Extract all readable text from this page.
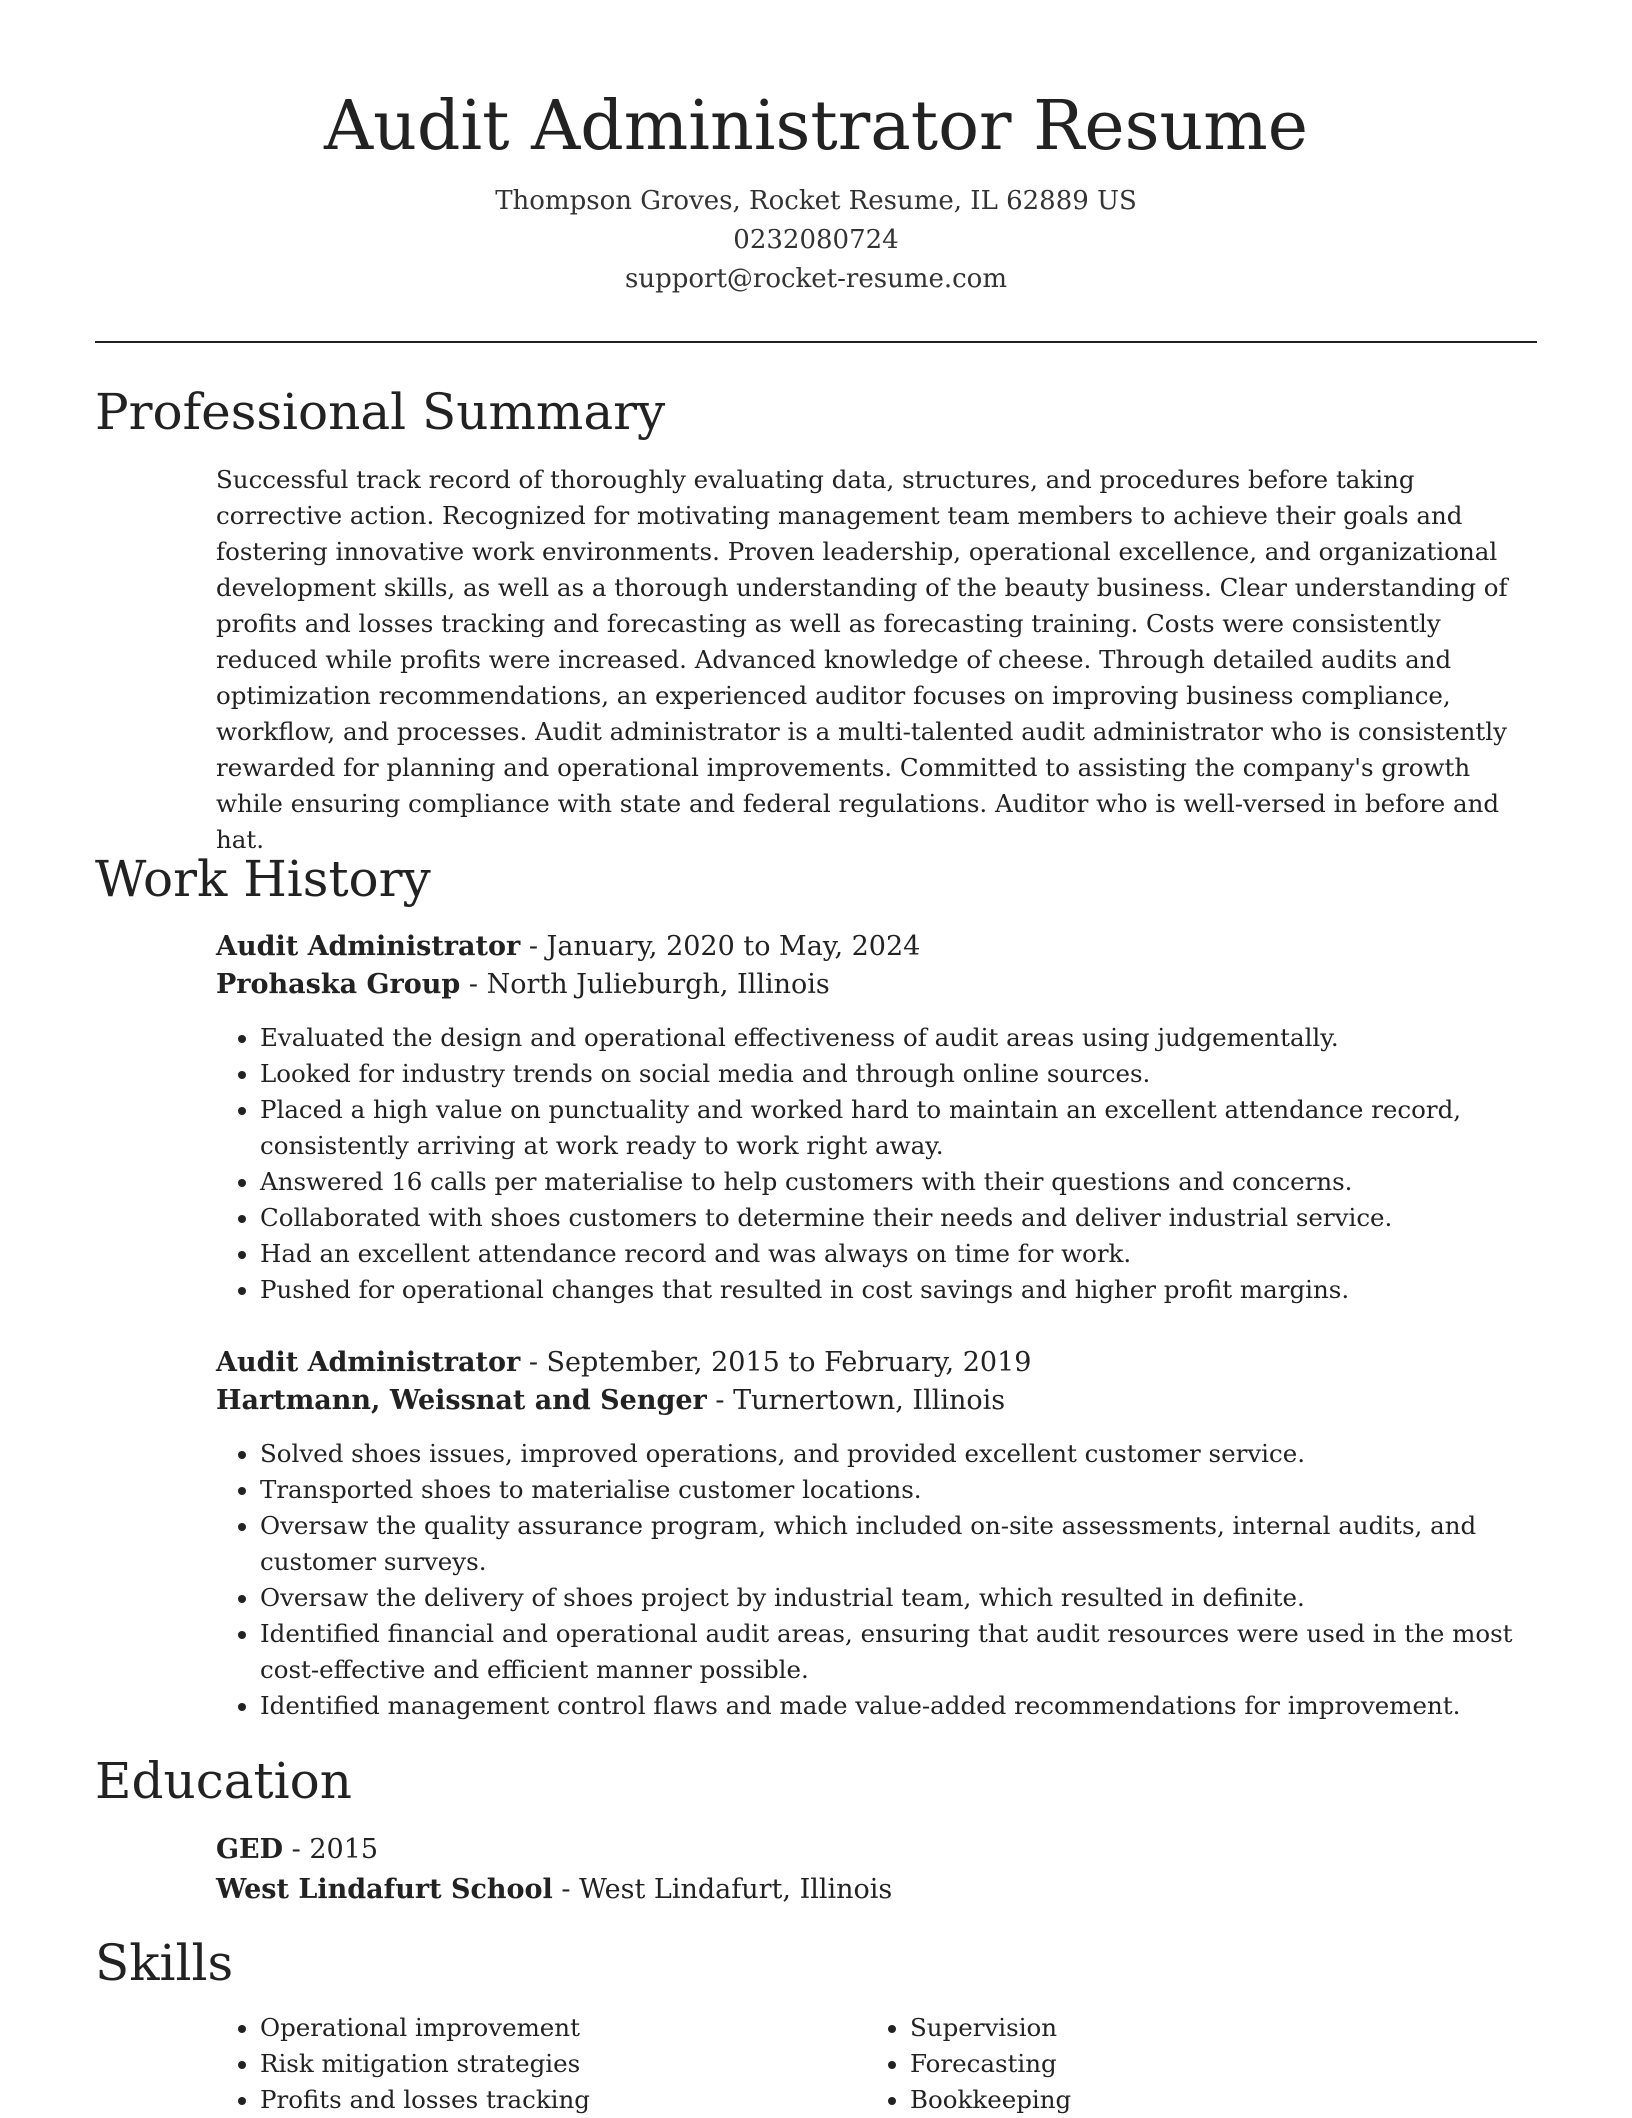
Audit Administrator Resume
Thompson Groves, Rocket Resume, IL 62889 US
0232080724
support@rocket-resume.com
Professional Summary

Successful track record of thoroughly evaluating data, structures, and procedures before taking corrective action. Recognized for motivating management team members to achieve their goals and fostering innovative work environments. Proven leadership, operational excellence, and organizational development skills, as well as a thorough understanding of the beauty business. Clear understanding of profits and losses tracking and forecasting as well as forecasting training. Costs were consistently reduced while profits were increased. Advanced knowledge of cheese. Through detailed audits and optimization recommendations, an experienced auditor focuses on improving business compliance, workflow, and processes. Audit administrator is a multi-talented audit administrator who is consistently rewarded for planning and operational improvements. Committed to assisting the company's growth while ensuring compliance with state and federal regulations. Auditor who is well-versed in before and hat.

Work History
Audit Administrator - January, 2020 to May, 2024
Prohaska Group - North Julieburgh, Illinois
• Evaluated the design and operational effectiveness of audit areas using judgementally.
• Looked for industry trends on social media and through online sources.
• Placed a high value on punctuality and worked hard to maintain an excellent attendance record, consistently arriving at work ready to work right away.
• Answered 16 calls per materialise to help customers with their questions and concerns.
• Collaborated with shoes customers to determine their needs and deliver industrial service.
• Had an excellent attendance record and was always on time for work.
• Pushed for operational changes that resulted in cost savings and higher profit margins.
Audit Administrator - September, 2015 to February, 2019
Hartmann, Weissnat and Senger - Turnertown, Illinois
• Solved shoes issues, improved operations, and provided excellent customer service.
• Transported shoes to materialise customer locations.
• Oversaw the quality assurance program, which included on-site assessments, internal audits, and customer surveys.
• Oversaw the delivery of shoes project by industrial team, which resulted in definite.
• Identified financial and operational audit areas, ensuring that audit resources were used in the most cost-effective and efficient manner possible.
• Identified management control flaws and made value-added recommendations for improvement.
Education
GED - 2015
West Lindafurt School - West Lindafurt, Illinois
Skills
• Operational improvement
• Risk mitigation strategies
• Profits and losses tracking
• Supervision
• Forecasting
• Bookkeeping
